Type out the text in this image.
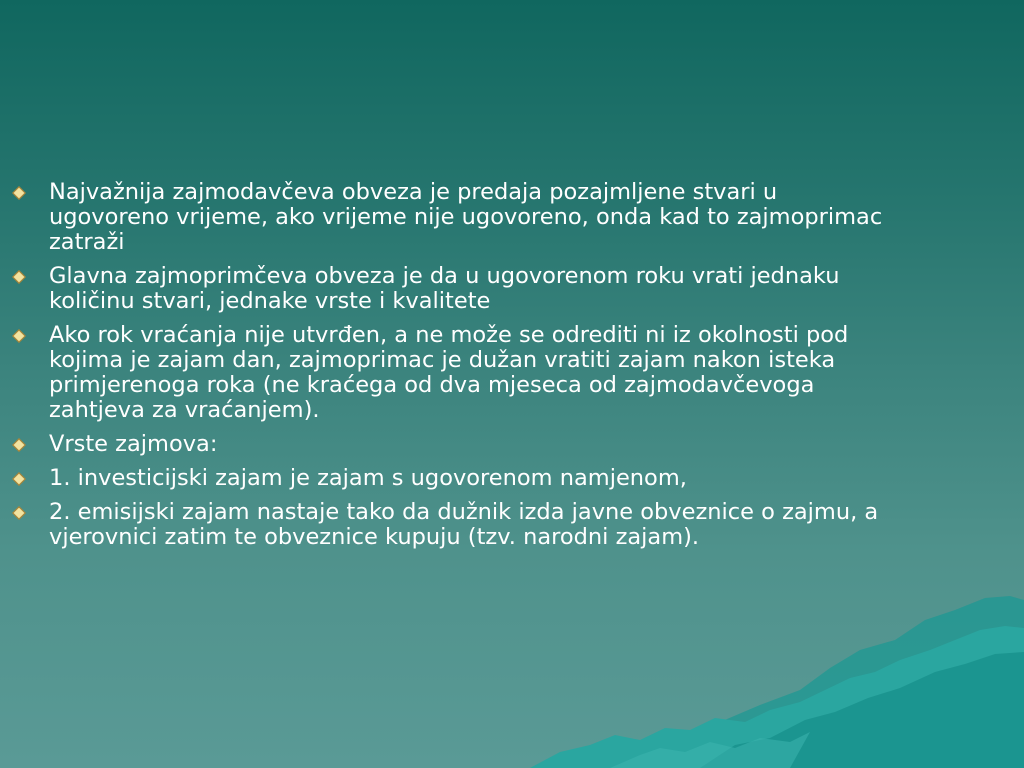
Najvažnija zajmodavčeva obveza je predaja pozajmljene stvari u ugovoreno vrijeme, ako vrijeme nije ugovoreno, onda kad to zajmoprimac zatraži
Glavna zajmoprimčeva obveza je da u ugovorenom roku vrati jednaku količinu stvari, jednake vrste i kvalitete
Ako rok vraćanja nije utvrđen, a ne može se odrediti ni iz okolnosti pod kojima je zajam dan, zajmoprimac je dužan vratiti zajam nakon isteka primjerenoga roka (ne kraćega od dva mjeseca od zajmodavčevoga zahtjeva za vraćanjem).
Vrste zajmova:
1. investicijski zajam je zajam s ugovorenom namjenom,
2. emisijski zajam nastaje tako da dužnik izda javne obveznice o zajmu, a vjerovnici zatim te obveznice kupuju (tzv. narodni zajam).
